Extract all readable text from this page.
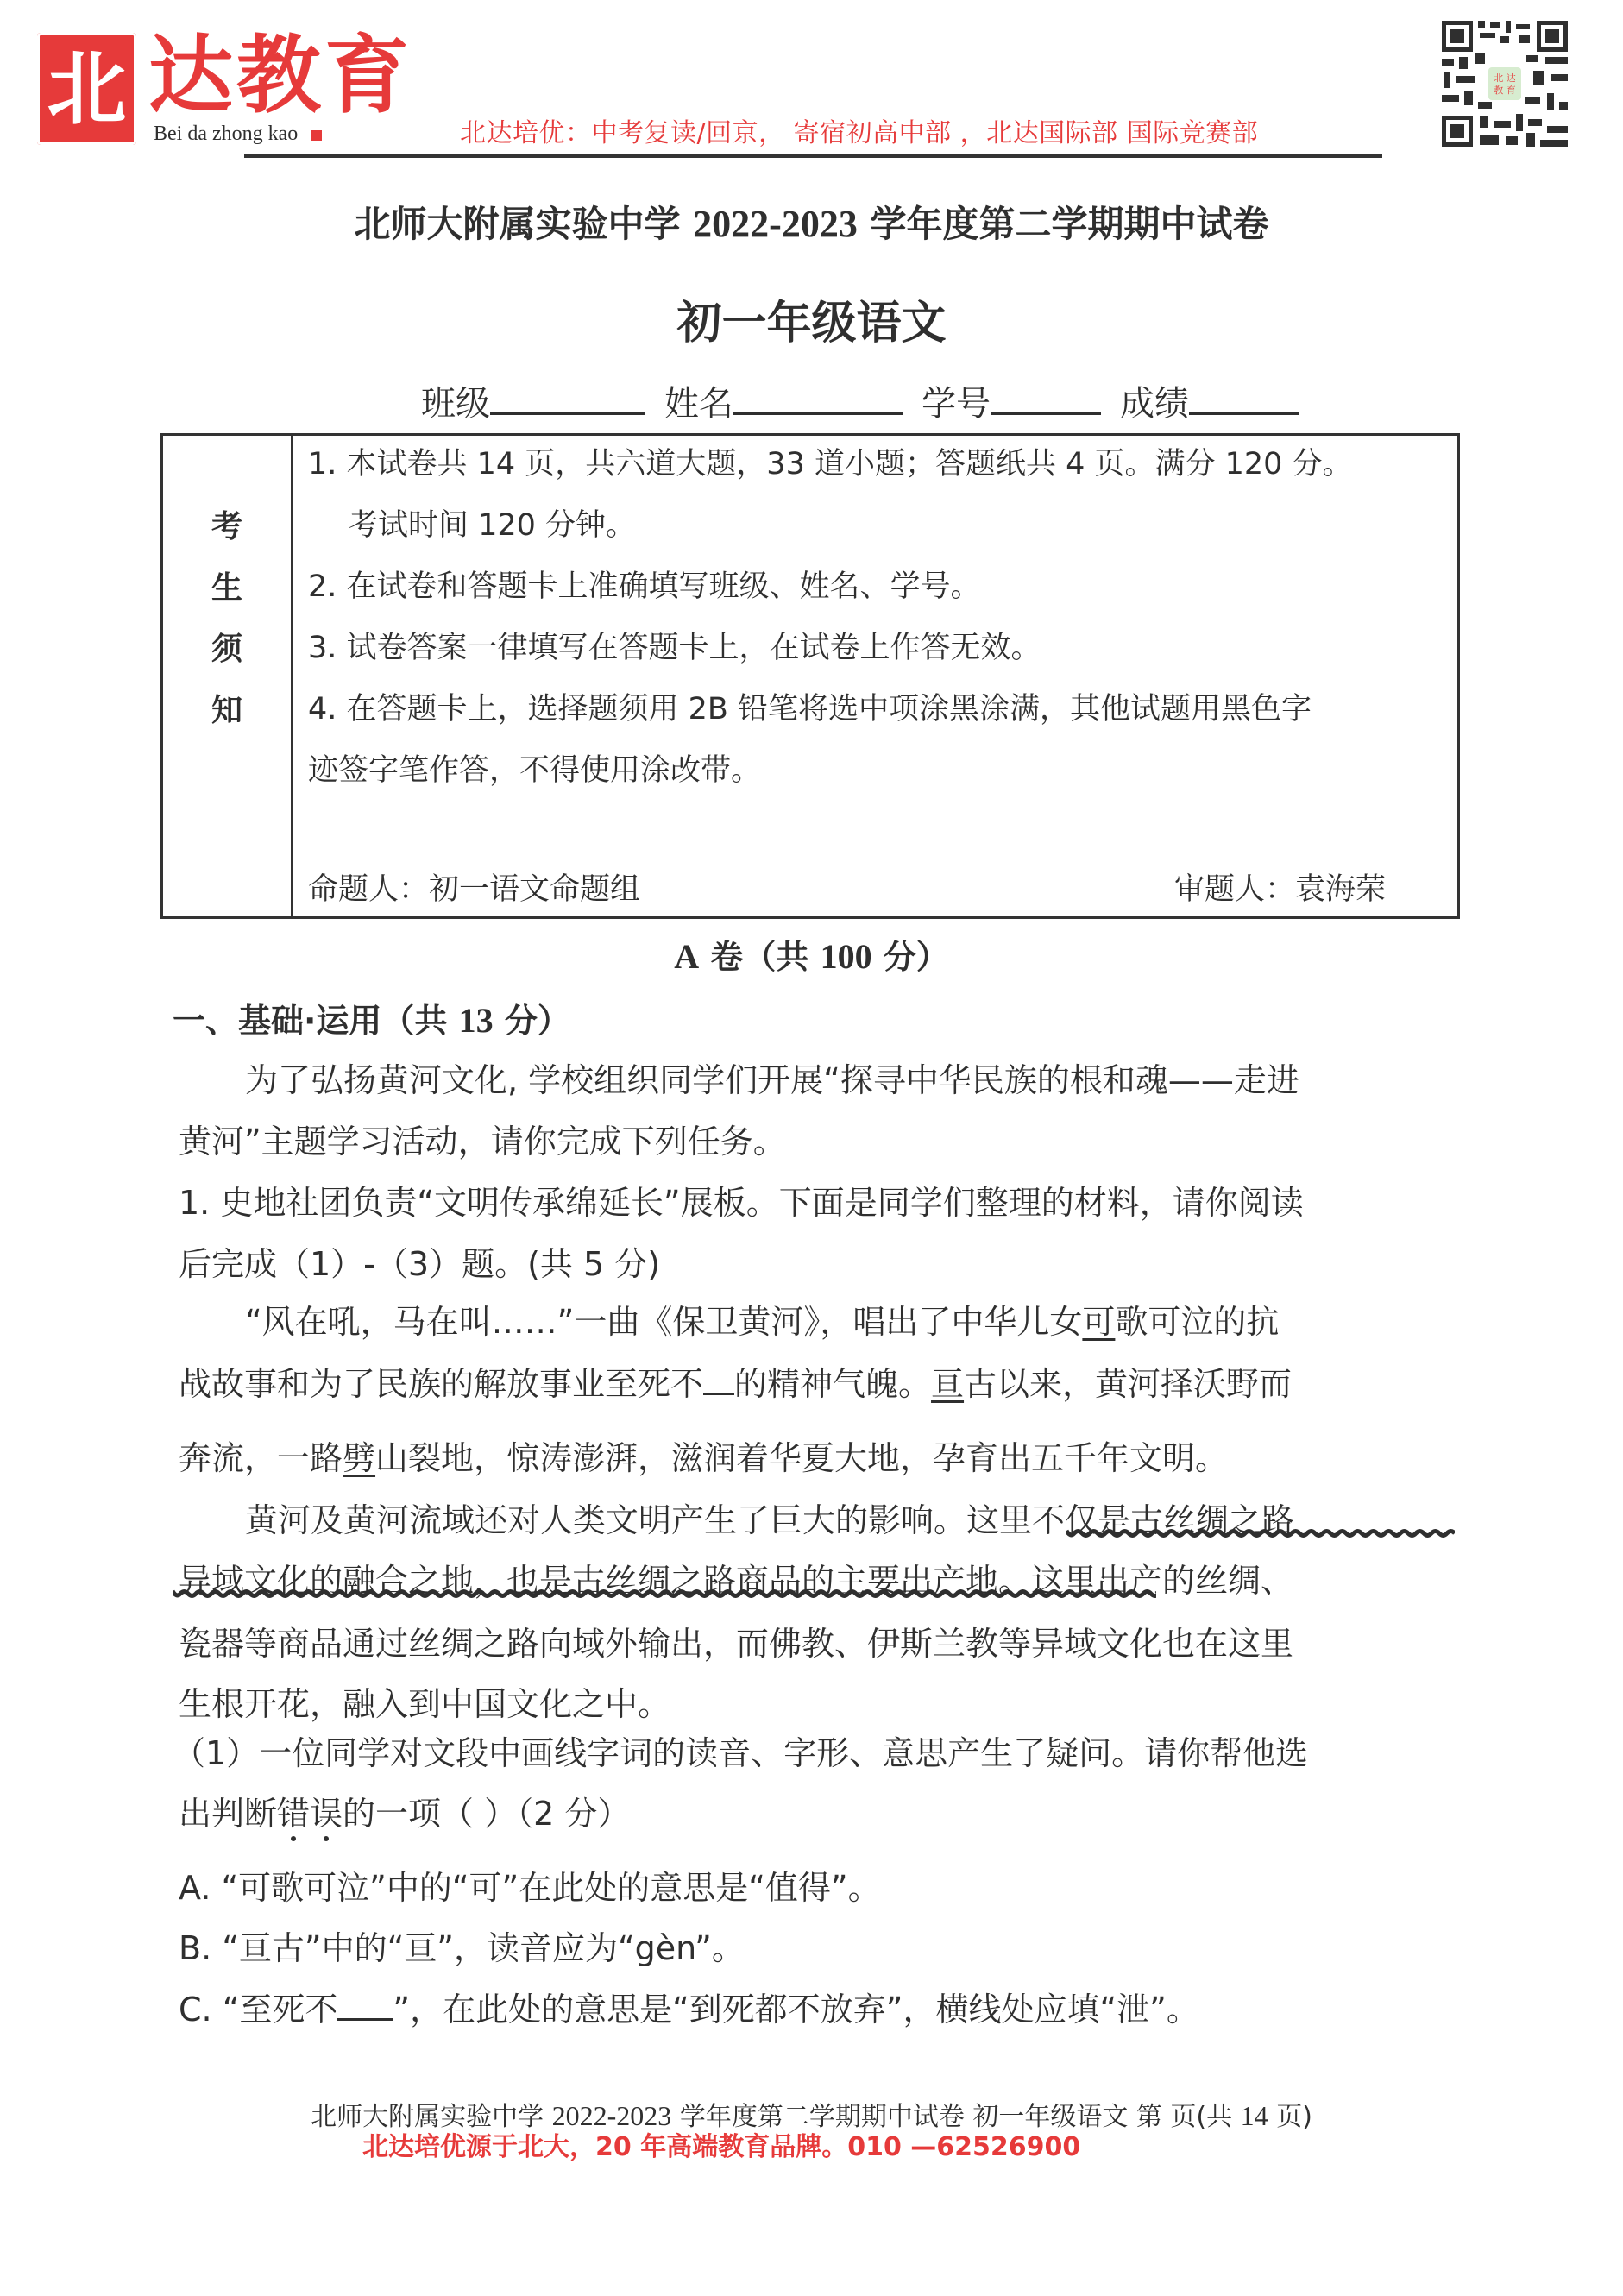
北 达教育
Bei da zhong kao	北达培优：中考复读/回京， 寄宿初高中部 ，北达国际部 国际竞赛部
北 达
教 育
北师大附属实验中学 2022-2023 学年度第二学期期中试卷
初一年级语文
班级	姓名	学号	成绩
考
生
须
知
1. 本试卷共 14 页，共六道大题，33 道小题；答题纸共 4 页。满分 120 分。
考试时间 120 分钟。
2. 在试卷和答题卡上准确填写班级、姓名、学号。
3. 试卷答案一律填写在答题卡上，在试卷上作答无效。
4. 在答题卡上，选择题须用 2B 铅笔将选中项涂黑涂满，其他试题用黑色字
迹签字笔作答，不得使用涂改带。
命题人：初一语文命题组	审题人：袁海荣
A 卷（共 100 分）
一、基础·运用（共 13 分）
为了弘扬黄河文化, 学校组织同学们开展“探寻中华民族的根和魂——走进
黄河”主题学习活动，请你完成下列任务。
1. 史地社团负责“文明传承绵延长”展板。下面是同学们整理的材料，请你阅读
后完成（1）-（3）题。(共 5 分)
“风在吼，马在叫……”一曲《保卫黄河》，唱出了中华儿女可歌可泣的抗
战故事和为了民族的解放事业至死不 的精神气魄。亘古以来，黄河择沃野而
奔流，一路劈山裂地，惊涛澎湃，滋润着华夏大地，孕育出五千年文明。
黄河及黄河流域还对人类文明产生了巨大的影响。这里不仅是古丝绸之路
异域文化的融合之地，也是古丝绸之路商品的主要出产地。这里出产的丝绸、
瓷器等商品通过丝绸之路向域外输出，而佛教、伊斯兰教等异域文化也在这里
生根开花，融入到中国文化之中。
（1）一位同学对文段中画线字词的读音、字形、意思产生了疑问。请你帮他选
出判断错误的一项（ ）（2 分）
A. “可歌可泣”中的“可”在此处的意思是“值得”。
B. “亘古”中的“亘”，读音应为“gèn”。
C. “至死不 ”，在此处的意思是“到死都不放弃”，横线处应填“泄”。
北师大附属实验中学 2022-2023 学年度第二学期期中试卷 初一年级语文 第 页(共 14 页)
北达培优源于北大，20 年高端教育品牌。010 —62526900
